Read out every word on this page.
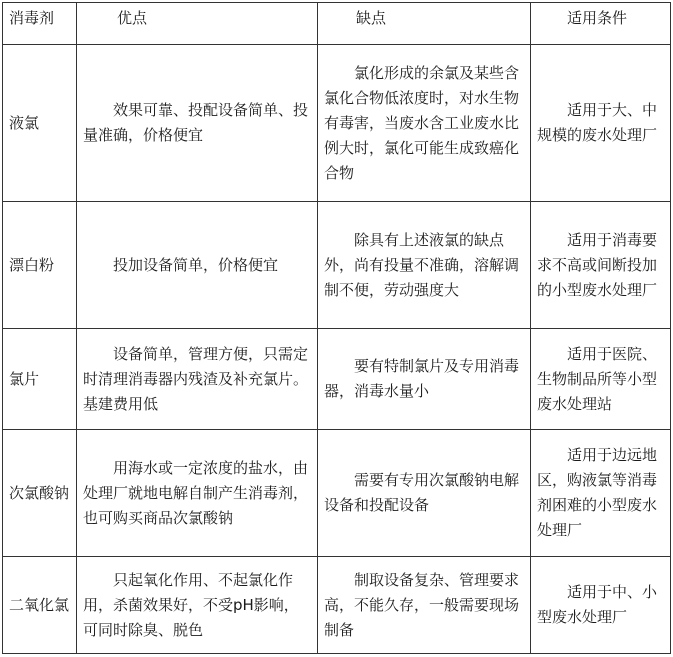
消毒剂	优点	缺点	适用条件
液氯	效果可靠、投配设备简单、投量准确，价格便宜	氯化形成的余氯及某些含氯化合物低浓度时，对水生物有毒害，当废水含工业废水比例大时，氯化可能生成致癌化合物	适用于大、中规模的废水处理厂
漂白粉	投加设备简单，价格便宜	除具有上述液氯的缺点外，尚有投量不准确，溶解调制不便，劳动强度大	适用于消毒要求不高或间断投加的小型废水处理厂
氯片	设备简单，管理方便，只需定时清理消毒器内残渣及补充氯片。基建费用低	要有特制氯片及专用消毒器，消毒水量小	适用于医院、生物制品所等小型废水处理站
次氯酸钠	用海水或一定浓度的盐水，由处理厂就地电解自制产生消毒剂，也可购买商品次氯酸钠	需要有专用次氯酸钠电解设备和投配设备	适用于边远地区，购液氯等消毒剂困难的小型废水处理厂
二氧化氯	只起氧化作用、不起氯化作用，杀菌效果好，不受pH影响，可同时除臭、脱色	制取设备复杂、管理要求高，不能久存，一般需要现场制备	适用于中、小型废水处理厂
